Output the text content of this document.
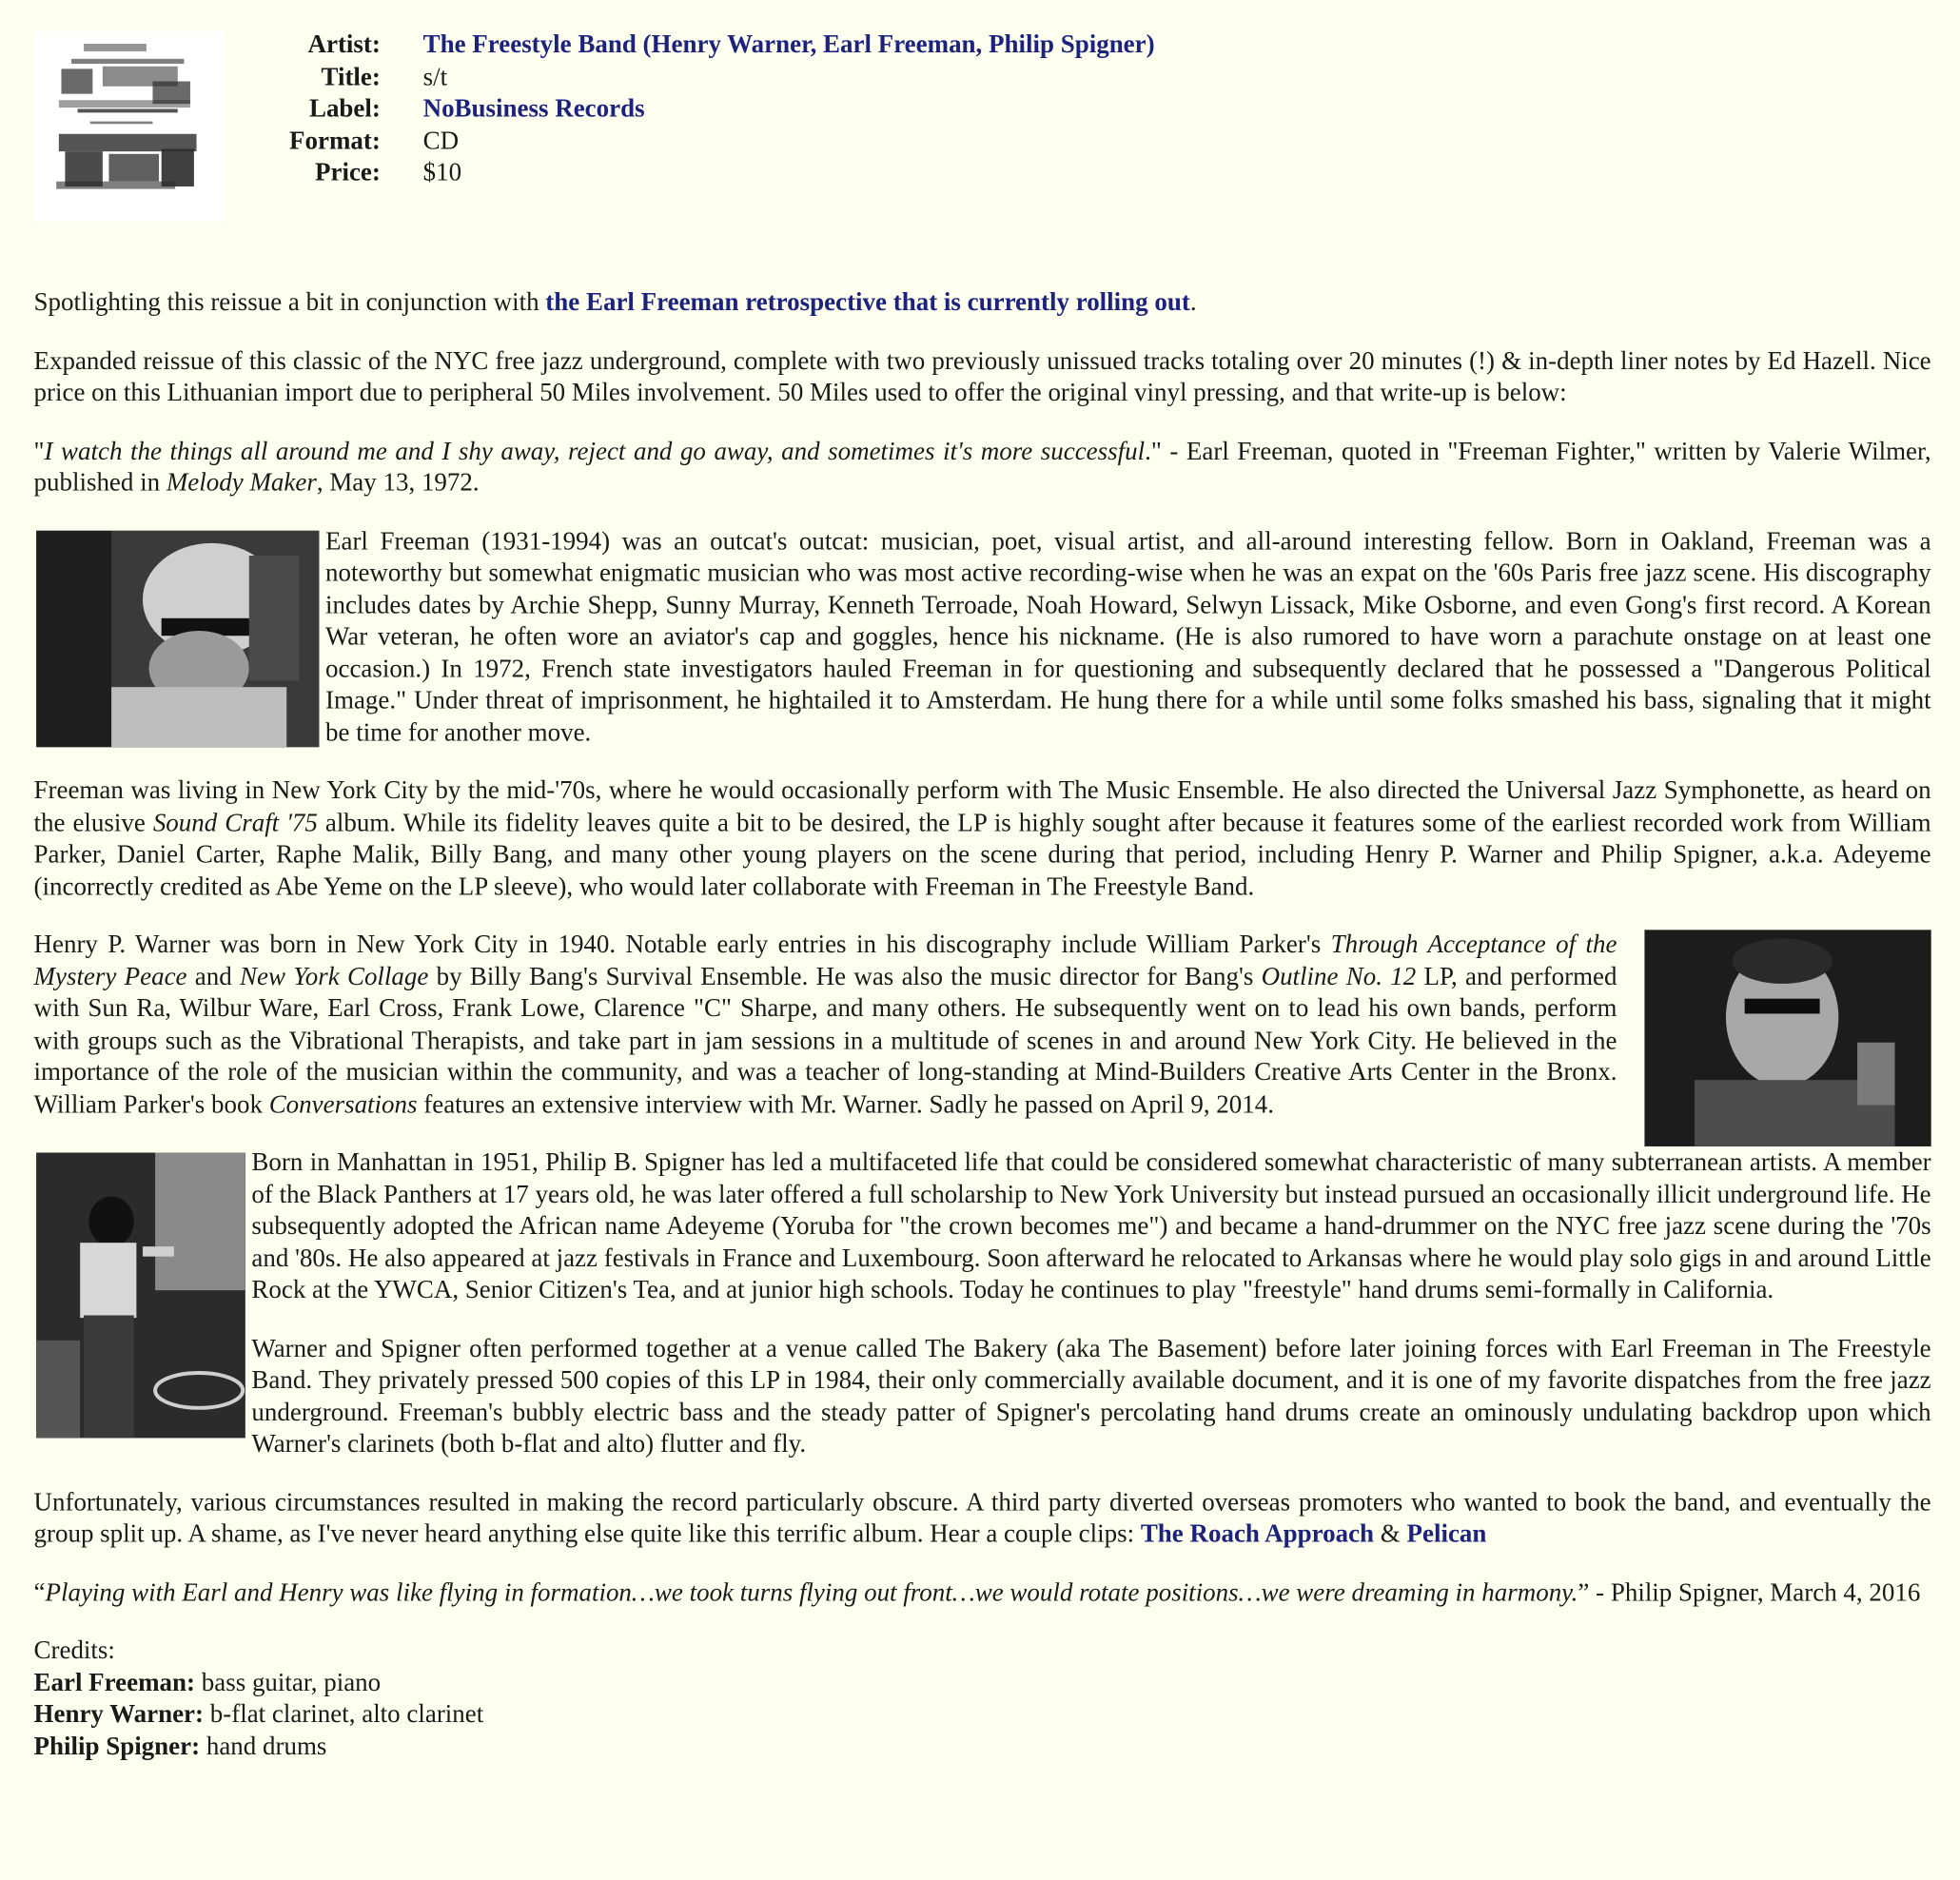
Artist:	The Freestyle Band (Henry Warner, Earl Freeman, Philip Spigner)
Title:	s/t
Label:	NoBusiness Records
Format:	CD
Price:	$10

Spotlighting this reissue a bit in conjunction with the Earl Freeman retrospective that is currently rolling out.

Expanded reissue of this classic of the NYC free jazz underground, complete with two previously unissued tracks totaling over 20 minutes (!) & in-depth liner notes by Ed Hazell. Nice price on this Lithuanian import due to peripheral 50 Miles involvement. 50 Miles used to offer the original vinyl pressing, and that write-up is below:

"I watch the things all around me and I shy away, reject and go away, and sometimes it's more successful." - Earl Freeman, quoted in "Freeman Fighter," written by Valerie Wilmer, published in Melody Maker, May 13, 1972.

Earl Freeman (1931-1994) was an outcat's outcat: musician, poet, visual artist, and all-around interesting fellow. Born in Oakland, Freeman was a noteworthy but somewhat enigmatic musician who was most active recording-wise when he was an expat on the '60s Paris free jazz scene. His discography includes dates by Archie Shepp, Sunny Murray, Kenneth Terroade, Noah Howard, Selwyn Lissack, Mike Osborne, and even Gong's first record. A Korean War veteran, he often wore an aviator's cap and goggles, hence his nickname. (He is also rumored to have worn a parachute onstage on at least one occasion.) In 1972, French state investigators hauled Freeman in for questioning and subsequently declared that he possessed a "Dangerous Political Image." Under threat of imprisonment, he hightailed it to Amsterdam. He hung there for a while until some folks smashed his bass, signaling that it might be time for another move.

Freeman was living in New York City by the mid-'70s, where he would occasionally perform with The Music Ensemble. He also directed the Universal Jazz Symphonette, as heard on the elusive Sound Craft '75 album. While its fidelity leaves quite a bit to be desired, the LP is highly sought after because it features some of the earliest recorded work from William Parker, Daniel Carter, Raphe Malik, Billy Bang, and many other young players on the scene during that period, including Henry P. Warner and Philip Spigner, a.k.a. Adeyeme (incorrectly credited as Abe Yeme on the LP sleeve), who would later collaborate with Freeman in The Freestyle Band.

Henry P. Warner was born in New York City in 1940. Notable early entries in his discography include William Parker's Through Acceptance of the Mystery Peace and New York Collage by Billy Bang's Survival Ensemble. He was also the music director for Bang's Outline No. 12 LP, and performed with Sun Ra, Wilbur Ware, Earl Cross, Frank Lowe, Clarence "C" Sharpe, and many others. He subsequently went on to lead his own bands, perform with groups such as the Vibrational Therapists, and take part in jam sessions in a multitude of scenes in and around New York City. He believed in the importance of the role of the musician within the community, and was a teacher of long-standing at Mind-Builders Creative Arts Center in the Bronx. William Parker's book Conversations features an extensive interview with Mr. Warner. Sadly he passed on April 9, 2014.

Born in Manhattan in 1951, Philip B. Spigner has led a multifaceted life that could be considered somewhat characteristic of many subterranean artists. A member of the Black Panthers at 17 years old, he was later offered a full scholarship to New York University but instead pursued an occasionally illicit underground life. He subsequently adopted the African name Adeyeme (Yoruba for "the crown becomes me") and became a hand-drummer on the NYC free jazz scene during the '70s and '80s. He also appeared at jazz festivals in France and Luxembourg. Soon afterward he relocated to Arkansas where he would play solo gigs in and around Little Rock at the YWCA, Senior Citizen's Tea, and at junior high schools. Today he continues to play "freestyle" hand drums semi-formally in California.

Warner and Spigner often performed together at a venue called The Bakery (aka The Basement) before later joining forces with Earl Freeman in The Freestyle Band. They privately pressed 500 copies of this LP in 1984, their only commercially available document, and it is one of my favorite dispatches from the free jazz underground. Freeman's bubbly electric bass and the steady patter of Spigner's percolating hand drums create an ominously undulating backdrop upon which Warner's clarinets (both b-flat and alto) flutter and fly.

Unfortunately, various circumstances resulted in making the record particularly obscure. A third party diverted overseas promoters who wanted to book the band, and eventually the group split up. A shame, as I've never heard anything else quite like this terrific album. Hear a couple clips: The Roach Approach & Pelican

“Playing with Earl and Henry was like flying in formation…we took turns flying out front…we would rotate positions…we were dreaming in harmony.” - Philip Spigner, March 4, 2016

Credits:

Earl Freeman: bass guitar, piano

Henry Warner: b-flat clarinet, alto clarinet

Philip Spigner: hand drums
